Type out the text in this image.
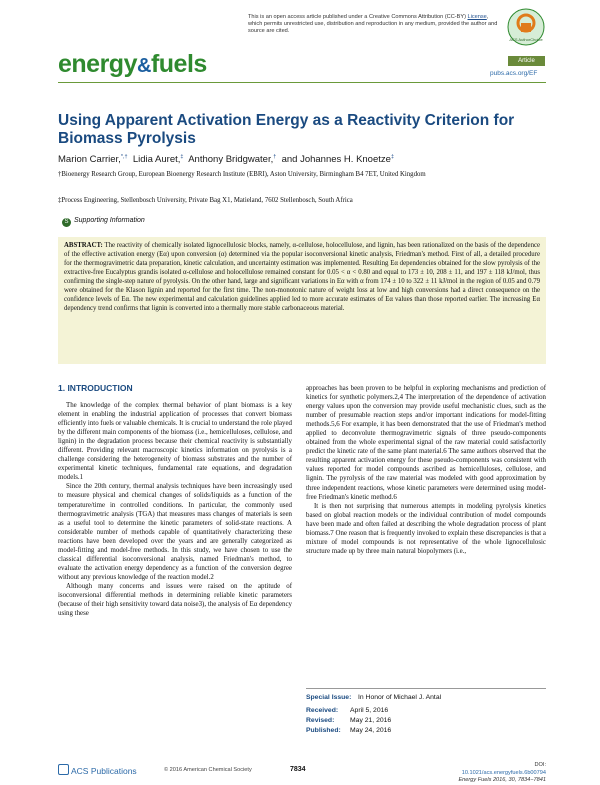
This is an open access article published under a Creative Commons Attribution (CC-BY) License, which permits unrestricted use, distribution and reproduction in any medium, provided the author and source are cited.
ACS AuthorChoice
energy&fuels	Article
pubs.acs.org/EF
Using Apparent Activation Energy as a Reactivity Criterion for Biomass Pyrolysis
Marion Carrier,*,† Lidia Auret,‡ Anthony Bridgwater,† and Johannes H. Knoetze‡
†Bioenergy Research Group, European Bioenergy Research Institute (EBRI), Aston University, Birmingham B4 7ET, United Kingdom
‡Process Engineering, Stellenbosch University, Private Bag X1, Matieland, 7602 Stellenbosch, South Africa
S Supporting Information
ABSTRACT: The reactivity of chemically isolated lignocellulosic blocks, namely, α-cellulose, holocellulose, and lignin, has been rationalized on the basis of the dependence of the effective activation energy (Eα) upon conversion (α) determined via the popular isoconversional kinetic analysis, Friedman's method. First of all, a detailed procedure for the thermogravimetric data preparation, kinetic calculation, and uncertainty estimation was implemented. Resulting Eα dependencies obtained for the slow pyrolysis of the extractive-free Eucalyptus grandis isolated α-cellulose and holocellulose remained constant for 0.05 < α < 0.80 and equal to 173 ± 10, 208 ± 11, and 197 ± 118 kJ/mol, thus confirming the single-step nature of pyrolysis. On the other hand, large and significant variations in Eα with α from 174 ± 10 to 322 ± 11 kJ/mol in the region of 0.05 and 0.79 were obtained for the Klason lignin and reported for the first time. The non-monotonic nature of weight loss at low and high conversions had a direct consequence on the confidence levels of Eα. The new experimental and calculation guidelines applied led to more accurate estimates of Eα values than those reported earlier. The increasing Eα dependency trend confirms that lignin is converted into a thermally more stable carbonaceous material.
1. INTRODUCTION

The knowledge of the complex thermal behavior of plant biomass is a key element in enabling the industrial application of processes that convert biomass efficiently into fuels or valuable chemicals. It is crucial to understand the role played by the different main components of the biomass (i.e., hemicelluloses, cellulose, and lignin) in the degradation process because their chemical reactivity is substantially different. Providing relevant macroscopic kinetics information on pyrolysis is a challenge considering the heterogeneity of biomass substrates and the number of experimental kinetic techniques, fundamental rate equations, and degradation models.1

Since the 20th century, thermal analysis techniques have been increasingly used to measure physical and chemical changes of solids/liquids as a function of the temperature/time in controlled conditions. In particular, the commonly used thermogravimetric analysis (TGA) that measures mass changes of materials is seen as a useful tool to determine the kinetic parameters of solid-state reactions. A considerable number of methods capable of quantitatively characterizing these reactions have been developed over the years and are generally categorized as model-fitting and model-free methods. In this study, we have chosen to use the classical differential isoconversional analysis, named Friedman's method, to evaluate the activation energy dependency as a function of the conversion degree without any previous knowledge of the reaction model.2

Although many concerns and issues were raised on the aptitude of isoconversional differential methods in determining reliable kinetic parameters (because of their high sensitivity toward data noise3), the analysis of Eα dependency using these

approaches has been proven to be helpful in exploring mechanisms and prediction of kinetics for synthetic polymers.2,4 The interpretation of the dependence of activation energy values upon the conversion may provide useful mechanistic clues, such as the number of presumable reaction steps and/or important indications for model-fitting methods.5,6 For example, it has been demonstrated that the use of Friedman's method applied to deconvolute thermogravimetric signals of three pseudo-components obtained from the whole experimental signal of the raw material could satisfactorily predict the kinetic rate of the same plant material.6 The same authors observed that the resulting apparent activation energy for these pseudo-components was consistent with values reported for model compounds ascribed as hemicelluloses, cellulose, and lignin. The pyrolysis of the raw material was modeled with good approximation by three independent reactions, whose kinetic parameters were determined using model-free Friedman's kinetic method.6

It is then not surprising that numerous attempts in modeling pyrolysis kinetics based on global reaction models or the individual contribution of model compounds have been made and often failed at describing the whole degradation process of plant biomass.7 One reason that is frequently invoked to explain these discrepancies is that a mixture of model compounds is not representative of the whole lignocellulosic structure made up by three main natural biopolymers (i.e.,

Special Issue: In Honor of Michael J. Antal
Received: April 5, 2016
Revised: May 21, 2016
Published: May 24, 2016
ACS Publications	© 2016 American Chemical Society	7834
DOI: 10.1021/acs.energyfuels.6b00794
Energy Fuels 2016, 30, 7834−7841
